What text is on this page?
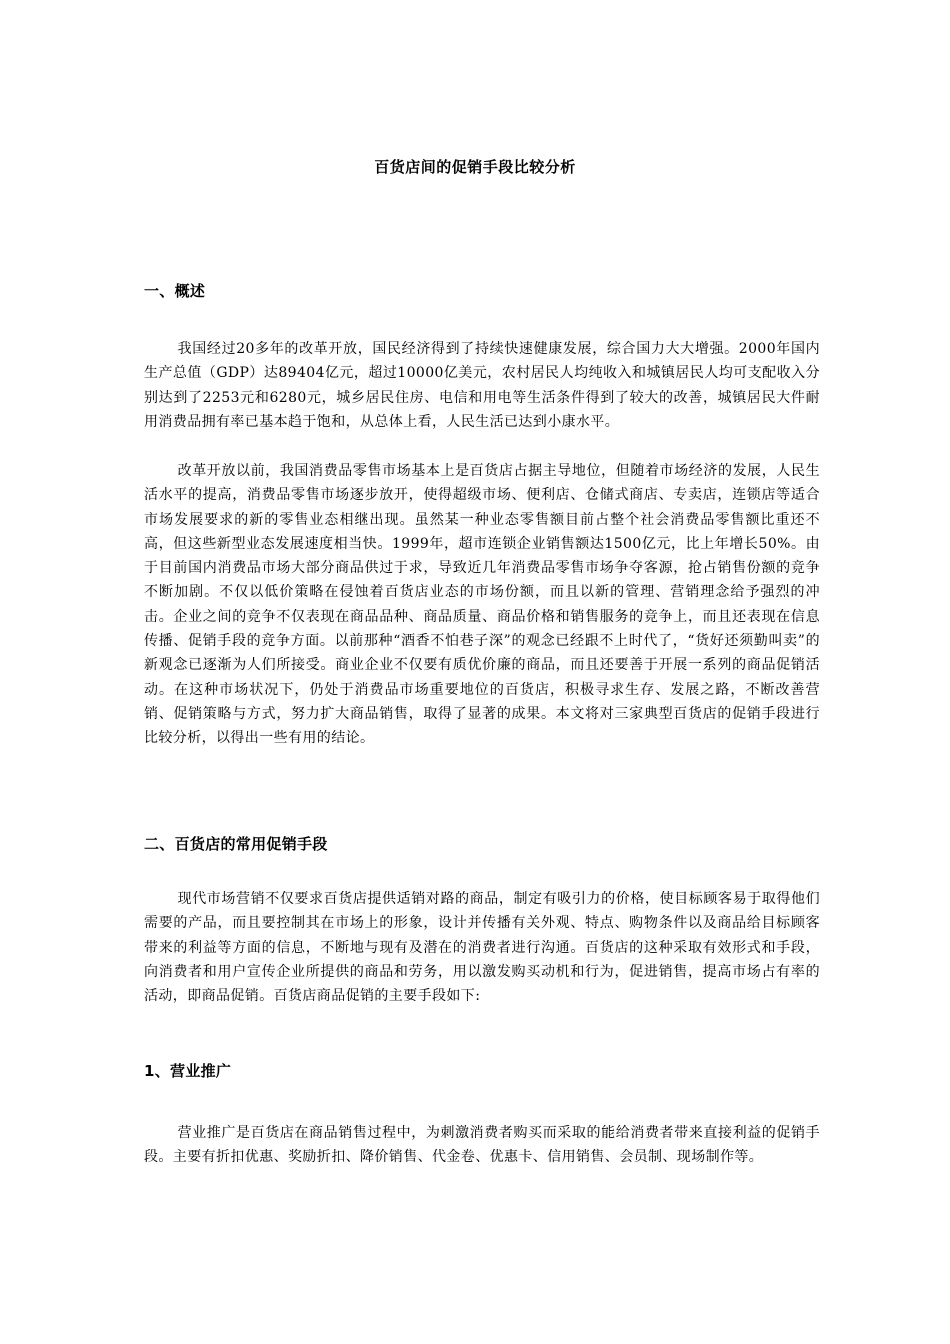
百货店间的促销手段比较分析
一、概述

我国经过20多年的改革开放，国民经济得到了持续快速健康发展，综合国力大大增强。2000年国内生产总值（GDP）达89404亿元，超过10000亿美元，农村居民人均纯收入和城镇居民人均可支配收入分别达到了2253元和6280元，城乡居民住房、电信和用电等生活条件得到了较大的改善，城镇居民大件耐用消费品拥有率已基本趋于饱和，从总体上看，人民生活已达到小康水平。

改革开放以前，我国消费品零售市场基本上是百货店占据主导地位，但随着市场经济的发展，人民生活水平的提高，消费品零售市场逐步放开，使得超级市场、便利店、仓储式商店、专卖店，连锁店等适合市场发展要求的新的零售业态相继出现。虽然某一种业态零售额目前占整个社会消费品零售额比重还不高，但这些新型业态发展速度相当快。1999年，超市连锁企业销售额达1500亿元，比上年增长50%。由于目前国内消费品市场大部分商品供过于求，导致近几年消费品零售市场争夺客源，抢占销售份额的竞争不断加剧。不仅以低价策略在侵蚀着百货店业态的市场份额，而且以新的管理、营销理念给予强烈的冲击。企业之间的竞争不仅表现在商品品种、商品质量、商品价格和销售服务的竞争上，而且还表现在信息传播、促销手段的竞争方面。以前那种“酒香不怕巷子深”的观念已经跟不上时代了，“货好还须勤叫卖”的新观念已逐渐为人们所接受。商业企业不仅要有质优价廉的商品，而且还要善于开展一系列的商品促销活动。在这种市场状况下，仍处于消费品市场重要地位的百货店，积极寻求生存、发展之路，不断改善营销、促销策略与方式，努力扩大商品销售，取得了显著的成果。本文将对三家典型百货店的促销手段进行比较分析，以得出一些有用的结论。

二、百货店的常用促销手段

现代市场营销不仅要求百货店提供适销对路的商品，制定有吸引力的价格，使目标顾客易于取得他们需要的产品，而且要控制其在市场上的形象，设计并传播有关外观、特点、购物条件以及商品给目标顾客带来的利益等方面的信息，不断地与现有及潜在的消费者进行沟通。百货店的这种采取有效形式和手段，向消费者和用户宣传企业所提供的商品和劳务，用以激发购买动机和行为，促进销售，提高市场占有率的活动，即商品促销。百货店商品促销的主要手段如下:

1、营业推广

营业推广是百货店在商品销售过程中，为刺激消费者购买而采取的能给消费者带来直接利益的促销手段。主要有折扣优惠、奖励折扣、降价销售、代金卷、优惠卡、信用销售、会员制、现场制作等。
